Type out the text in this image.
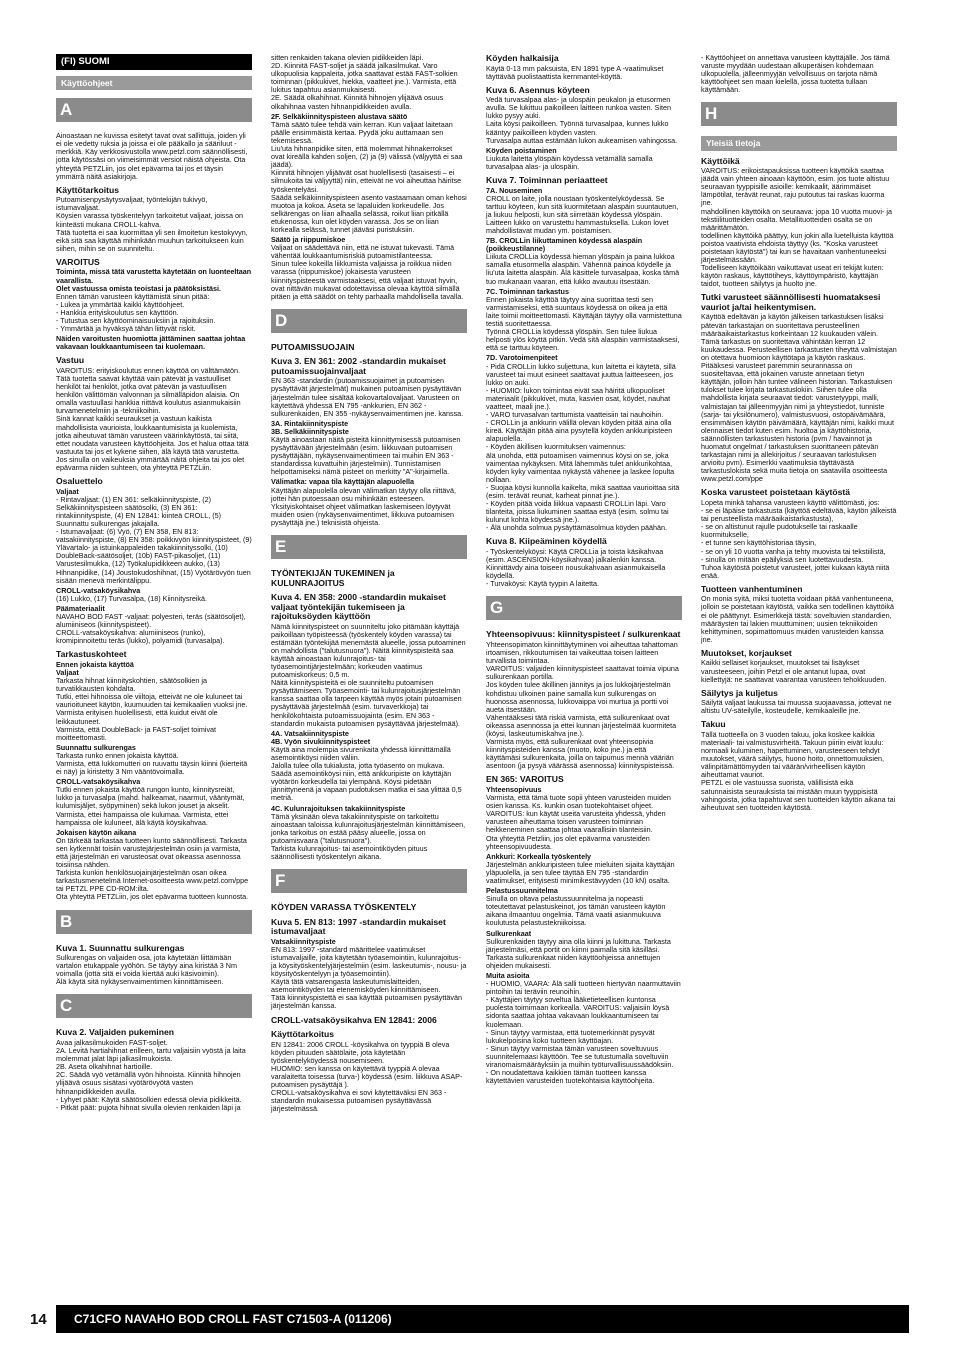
(FI) SUOMI
Käyttöohjeet
A

Ainoastaan ne kuvissa esitetyt tavat ovat sallittuja, joiden yli ei ole vedetty ruksia ja joissa ei ole pääkallo ja sääriluut -merkkiä. Käy verkkosivustolla www.petzl.com säännöllisesti, jotta käytössäsi on viimeisimmät versiot näistä ohjeista. Ota yhteyttä PETZLiin, jos olet epävarma tai jos et täysin ymmärrä näitä asiakirjoja.

Käyttötarkoitus

Putoamisenpysäytysvaljaat, työntekijän tukivyö, istumavaljaat.
Köysien varassa työskentelyyn tarkoitetut valjaat, joissa on kiinteästi mukana CROLL-kahva.
Tätä tuotetta ei saa kuormittaa yli sen ilmoitetun kestokyvyn, eikä sitä saa käyttää mihinkään muuhun tarkoitukseen kuin siihen, mihin se on suunniteltu.

VAROITUS

Toiminta, missä tätä varustetta käytetään on luonteeltaan vaarallista.
Olet vastuussa omista teoistasi ja päätöksistäsi.

Ennen tämän varusteen käyttämistä sinun pitää:
- Lukea ja ymmärtää kaikki käyttöohjeet.
- Hankkia erityiskoulutus sen käyttöön.
- Tutustua sen käyttöominaisuuksiin ja rajoituksiin.
- Ymmärtää ja hyväksyä tähän liittyvät riskit.

Näiden varoitusten huomiotta jättäminen saattaa johtaa vakavaan loukkaantumiseen tai kuolemaan.

Vastuu

VAROITUS: erityiskoulutus ennen käyttöä on välttämätön. Tätä tuotetta saavat käyttää vain pätevät ja vastuulliset henkilöt tai henkilöt, jotka ovat pätevän ja vastuullisen henkilön välittömän valvonnan ja silmälläpidon alaisia. On omalla vastuullasi hankkia riittävä koulutus asianmukaisiin turvamenetelmiin ja -tekniikoihin.
Sinä kannat kaikki seuraukset ja vastuun kaikista mahdollisista vaurioista, loukkaantumisista ja kuolemista, jotka aiheutuvat tämän varusteen väärinkäytöstä, tai siitä, ettet noudata varusteen käyttöohjeita. Jos et halua ottaa tätä vastuuta tai jos et kykene siihen, älä käytä tätä varustetta. Jos sinulla on vaikeuksia ymmärtää näitä ohjeita tai jos olet epävarma niiden suhteen, ota yhteyttä PETZLiin.

Osaluettelo

Valjaat

- Rintavaljaat: (1) EN 361: selkäkiinnityspiste, (2) Selkäkiinnityspisteen säätösolki, (3) EN 361: rintakiinnityspiste, (4) EN 12841: kiinteä CROLL, (5) Suunnattu sulkurengas jakajalla.
- Istumavaljaat: (6) Vyö, (7) EN 358, EN 813: vatsakiinnityspiste, (8) EN 358: poikkivyön kiinnityspisteet, (9) Ylävartalo- ja istuinkappaleiden takakiinnityssolki, (10) DoubleBack-säätösoljet, (10b) FAST-pikasoljet, (11) Varustesilmukka, (12) Työkalupidikkeen aukko, (13) Hihnanpidike, (14) Joustokudoshihnat, (15) Vyötärövyön tuen sisään menevä merkintälippu.

CROLL-vatsaköysikahva

(16) Lukko, (17) Turvasalpa, (18) Kiinnitysreikä.

Päämateriaalit

NAVAHO BOD FAST -valjaat: polyesteri, teräs (säätösoljet), alumiiniseos (kiinnityspisteet).
CROLL-vatsaköysikahva: alumiiniseos (runko), kromipinnoitettu teräs (lukko), polyamidi (turvasalpa).

Tarkastuskohteet

Ennen jokaista käyttöä

Valjaat

Tarkasta hihnat kiinnityskohtien, säätösolkien ja turvatikkausten kohdalta.
Tutki, ettei hihnoissa ole viiltoja, etteivät ne ole kuluneet tai vaurioituneet käytön, kuumuuden tai kemikaalien vuoksi jne. Varmista erityisen huolellisesti, että kuidut eivät ole leikkautuneet.
Varmista, että DoubleBack- ja FAST-soljet toimivat moitteettomasti.

Suunnattu sulkurengas

Tarkasta runko ennen jokaista käyttöä.
Varmista, että lukkomutteri on ruuvattu täysin kiinni (kierteitä ei näy) ja kiristetty 3 Nm vääntövoimalla.

CROLL-vatsaköysikahva

Tutki ennen jokaista käyttöä rungon kunto, kiinnitysreiät, lukko ja turvasalpa (mahd. halkeamat, naarmut, vääntymät, kulumisjäljet, syöpyminen) sekä lukon jouset ja akselit. Varmista, ettei hampaissa ole kulumaa. Varmista, ettei hampaissa ole kuluneet, älä käytä köysikahvaa.

Jokaisen käytön aikana

On tärkeää tarkastaa tuotteen kunto säännöllisesti. Tarkasta sen kytkennät toisiin varustejärjestelmän osiin ja varmista, että järjestelmän eri varusteosat ovat oikeassa asennossa toisiinsa nähden.
Tarkista kunkin henkilösuojainjärjestelmän osan oikea tarkastusmenetelmä Internet-osoitteesta www.petzl.com/ppe tai PETZL PPE CD-ROM:ilta.
Ota yhteyttä PETZLiin, jos olet epävarma tuotteen kunnosta.

B
Kuva 1. Suunnattu sulkurengas

Sulkurengas on valjaiden osa, jota käytetään liittämään vartalon etukappale yyöhön. Se täytyy aina kiristää 3 Nm voimalla (jotta sitä ei voida kiertää auki käsivoimin).
Älä käytä sitä nykäysenvaimentimen kiinnittämiseen.

C
Kuva 2. Valjaiden pukeminen

Avaa jalkasilmukoiden FAST-soljet.
2A. Levitä hartiahihnat erilleen, tartu valjaisiin vyöstä ja laita molemmat jalat läpi jalkasilmukoista.
2B. Aseta olkahihnat hartioille.
2C. Säädä vyö vetämällä vyön hihnoista. Kiinnitä hihnojen ylijäävä osuus sisätasi vyötärövyötä vasten hihnanpidikkeiden avulla.
- Lyhyet päät: Käytä säätösolkien edessä olevia pidikkeitä.
- Pitkät päät: pujota hihnat sivulla olevien renkaiden läpi ja

sitten renkaiden takana olevien pidikkeiden läpi.
2D. Kiinnitä FAST-soljet ja säädä jalkasilmukat. Varo ulkopuolisia kappaleita, jotka saattavat estää FAST-solkien toiminnan (pikkukivet, hiekka, vaatteet jne.). Varmista, että lukitus tapahtuu asianmukaisesti.
2E. Säädä olkahihnat. Kiinnitä hihnojen ylijäävä osuus olkahihnaa vasten hihnanpidikkeiden avulla.

2F. Selkäkiinnityspisteen alustava säätö

Tämä säätö tulee tehdä vain kerran. Kun valjaat laitetaan päälle ensimmäistä kertaa. Pyydä joku auttamaan sen tekemisessä.
Liu'uta hihnanpidike siten, että molemmat hihnakerrokset ovat kireällä kahden soljen, (2) ja (9) välissä (väljyyttä ei saa jäädä).
Kiinnitä hihnojen ylijäävät osat huolellisesti (tasaisesti – ei silmukoita tai väljyyttä) niin, etteivät ne voi aiheuttaa häiritse työskentelyäsi.
Säädä selkäkiinnityspisteen asento vastaamaan oman kehosi muotoa ja kokoa. Aseta se lapaluiden korkeudelle. Jos selkärengas on liian alhaalla selässä, roikut liian pitkällä etukenossa, kun olet köyden varassa. Jos se on liian korkealla selässä, tunnet jääväsi puristuksiin.

Säätö ja riippumiskoe

Valjaat on säädettävä niin, että ne istuvat tukevasti. Tämä vähentää loukkaantumisriskiä putoamistilanteessa.
Sinun tulee kokeilla liikkumista valjaissa ja roikkua niiden varassa (riippumiskoe) jokaisesta varusteen kiinnityspisteestä varmistaaksesi, että valjaat istuvat hyvin, ovat riittävän mukavat odotettavissa olevaa käyttöä silmällä pitäen ja että säädöt on tehty parhaalla mahdollisella tavalla.

D
PUTOAMISSUOJAIN
Kuva 3. EN 361: 2002 -standardin mukaiset putoamissuojainvaljaat

EN 363 -standardin (putoamissuojaimet ja putoamisen pysäyttävät järjestelmät) mukainen putoamisen pysäyttävän järjestelmän tulee sisältää kokovartalovaljaat. Varusteen on käytettävä yhdessä EN 795 -ankkurien, EN 362 -sulkurenkaiden, EN 355 -nykäysenvaimentimen jne. kanssa.

3A. Rintakiinnityspiste

3B. Selkäkiinnityspiste

Käytä ainoastaan näitä pisteitä kiinnittymisessä putoamisen pysäyttävään järjestelmään (esim. liikkuvaan putoamisen pysäyttäjään, nykäysenvaimentimeen tai muihin EN 363 -standardissa kuvattuihin järjestelmiin). Tunnistamisen helpottamiseksi nämä pisteet on merkitty "A"-kirjaimella.

Välimatka: vapaa tila käyttäjän alapuolella

Käyttäjän alapuolella olevan välimatkan täytyy olla riittävä, jottei hän putoessaan osu mihinkään esteeseen. Yksityiskohtaiset ohjeet välimatkan laskemiseen löytyvät muiden osien (nykäysenvaimentimet, liikkuva putoamisen pysäyttäjä jne.) teknisistä ohjeista.

E
TYÖNTEKIJÄN TUKEMINEN ja KULUNRAJOITUS
Kuva 4. EN 358: 2000 -standardin mukaiset valjaat työntekijän tukemiseen ja rajoituksöyden käyttöön

Nämä kiinnityspisteet on suunniteltu joko pitämään käyttäjä paikoillaan työpisteessä (työskentely köyden varassa) tai estämään työntekijää menemästä alueelle, jossa putoaminen on mahdollista ("talutusnuora"). Näitä kiinnityspisteitä saa käyttää ainoastaan kulunrajoitus- tai työasemointijärjestelmään; korkeuden vaatimus putoamiskorkeus: 0,5 m.
Näitä kiinnityspisteitä ei ole suunniteltu putoamisen pysäyttämiseen. Työasemointi- tai kulunrajoitusjärjestelmän kanssa saattaa olla tarpeen käyttää myös jotain putoamisen pysäyttävää järjestelmää (esim. turvaverkkoja) tai henkilökohtaista putoamissuojainta (esim. EN 363 -standardin mukaista putoamisen pysäyttävää järjestelmää).

4A. Vatsakiinnityspiste

4B. Vyön sivukiinnityspisteet

Käytä aina molempia sivurenkaita yhdessä kiinnittämällä asemointiköysi niiden väliin.
Jalolla tulee olla tukialusta, jotta työasento on mukava. Säädä asemointiköysi niin, että ankkuripiste on käyttäjän vyötärön korkeudella tai ylempänä. Köysi pidetään jännittyneenä ja vapaan pudotuksen matka ei saa ylittää 0,5 metriä.

4C. Kulunrajoituksen takakiinnityspiste

Tämä yksinään oleva takakiinnityspiste on tarkoitettu ainoastaan taloissa kulunrajoitusjärjestelmän kiinnittämiseen, jonka tarkoitus on estää pääsy alueelle, jossa on putoamisvaara ("talutusnuora").
Tarkista kulunrajoitus- tai asemointiköyden pituus säännöllisesti työskentelyn aikana.

F
KÖYDEN VARASSA TYÖSKENTELY
Kuva 5. EN 813: 1997 -standardin mukaiset istumavaljaat

Vatsakiinnityspiste

EN 813: 1997 -standard määrittelee vaatimukset istumavaljaille, joita käytetään työasemointiin, kulunrajoitus- ja köysityöskentelyjärjestelmiin (esim. laskeutumis-, nousu- ja köysityöskentelyyn ja työasemointiin).
Käytä tätä vatsarengasta laskeutumislaitteiden, asemointiköyden tai etenemisköyden kiinnittämiseen.
Tätä kiinnityspistettä ei saa käyttää putoamisen pysäyttävän järjestelmän kanssa.

CROLL-vatsaköysikahva EN 12841: 2006
Käyttötarkoitus

EN 12841: 2006 CROLL -köysikahva on tyyppiä B oleva köyden pituuden säätölaite, jota käytetään työskentelyköydessä nousemiseen.
HUOMIO: sen kanssa on käytettävä tyyppiä A olevaa varalaitetta toisessa (turva-) köydessä (esim. liikkuva ASAP-putoamisen pysäyttäjä ).
CROLL-vatsaköysikahva ei sovi käytettäväksi EN 363 -standardin mukaisessa putoamisen pysäyttävässä järjestelmässä.

Köyden halkaisija

Käytä 0-13 mm paksuista, EN 1891 type A -vaatimukset täyttävää puolistaattista kernmantel-köyttä.

Kuva 6. Asennus köyteen

Vedä turvasalpaa alas- ja ulospäin peukalon ja etusormen avulla. Se lukittuu paikoilleen laitteen runkoa vasten. Siten lukko pysyy auki.
Laita köysi paikoilleen. Työnnä turvasalpaa, kunnes lukko kääntyy paikoilleen köyden vasten.
Turvasalpa auttaa estämään lukon aukeamisen vahingossa.

Köyden poistaminen

Liukuta laitetta ylöspäin köydessä vetämällä samalla turvasalpaa alas- ja ulospäin.

Kuva 7. Toiminnan periaatteet

7A. Nouseminen

CROLL on laite, jolla noustaan työskentelyköydessä. Se tarttuu köyteen, kun sitä kuormitetaan alaspäin suuntautuen, ja liukuu helposti, kun sitä siirretään köydessä ylöspäin. Laitteen lukko on varustettu hammastuksella. Lukon lovet mahdollistavat mudan ym. poistamisen.

7B. CROLLin liikuttaminen köydessä alaspäin (poikkeustilanne)

Liikuta CROLLia köydessä hieman ylöspäin ja paina lukkoa samalla etusormella alaspäin. Vähennä painoa köydelle ja liu'uta laitetta alaspäin. Älä käsittele turvasalpaa, koska tämä tuo mukanaan vaaran, että lukko avautuu itsestään.

7C. Toiminnan tarkastus

Ennen jokaista käyttöä täytyy aina suorittaa testi sen varmistamiseksi, että suuntaus köydessä on oikea ja että laite toimii moitteettomasti. Käyttäjän täytyy olla varmistettuna testiä suoritettaessa.
Työnnä CROLLia köydessä ylöspäin. Sen tulee liukua helposti ylös köyttä pitkin. Vedä sitä alaspäin varmistaaksesi, että se tarttuu köyteen.

7D. Varotoimenpiteet

- Pidä CROLLin lukko suljettuna, kun laitetta ei käytetä, sillä varusteet tai muut esineet saattavat juuttua laitteeseen, jos lukko on auki.
- HUOMIO: lukon toimintaa eivät saa häiritä ulkopuoliset materiaalit (pikkukivet, muta, kasvien osat, köydet, nauhat vaatteet, maali jne.).
- VARO turvasalvan tarttumista vaatteisiin tai nauhoihin.
- CROLLin ja ankkurin välillä olevan köyden pitää aina olla kireä. Käyttäjän pitää aina pysytellä köyden ankkuripisteen alapuolella.
- Köyden äkillisen kuormituksen vaimennus:
älä unohda, että putoamisen vaimennus köysi on se, joka vaimentaa nykäyksen. Mitä lähemmäs tulet ankkurikohtaa, köyden kyky vaimentaa nykäystä vähenee ja laskee lopulta nollaan.
- Suojaa köysi kunnolla kaikelta, mikä saattaa vaurioittaa sitä (esim. terävät reunat, karheat pinnat jne.).
- Köyden pitää voida liikkua vapaasti CROLLin läpi. Varo tilanteita, joissa liukuminen saattaa estyä (esim. solmu tai kulunut kohta köydessä jne.).
- Älä unohda solmua pysäyttämäsolmua köyden päähän.

Kuva 8. Kiipeäminen köydellä

- Työskentelyköysi: Käytä CROLLia ja toista käsikahvaa (esim. ASCENSION-köysikahvaa) jalkalenkin kanssa. Kiinnittävdy aina toiseen nousukahvaan asianmukaisella köydellä.
- Turvaköysi: Käytä tyypin A laitetta.

G
Yhteensopivuus: kiinnityspisteet / sulkurenkaat

Yhteensopimaton kiinnittäytyminen voi aiheuttaa tahattoman irtoamisen, rikkoutumisen tai vaikeuttaa toisen laitteen turvallista toimintaa.
VAROITUS: valjaiden kiinnityspisteet saattavat toimia vipuna sulkurenkaan portilla.
Jos köyden tulee äkillinen jännitys ja jos lukkojärjestelmän kohdistuu ulkoinen paine samalla kun sulkurengas on huonossa asennossa, lukkovaippa voi murtua ja portti voi aueta itsestään.
Vähentääksesi tätä riskiä varmista, että sulkurenkaat ovat oikeassa asennossa ja ettei kunnan järjestelmää kuormiteta (köysi, laskeutumiskahva jne.).
Varmista myös, että sulkurenkaat ovat yhteensopivia kiinnityspisteiden kanssa (muoto, koko jne.) ja että käyttämäsi sulkurenkaita, joilla on taipumus mennä vääriän asentoon (ja pysyä väärässä asennossa) kiinnityspisteissä.

EN 365: VAROITUS

Yhteensopivuus

Varmista, että tämä tuote sopii yhteen varusteiden muiden osien kanssa. Ks. kunkin osan tuotekohtaiset ohjeet.
VAROITUS: kun käytät useita varusteita yhdessä, yhden varusteen aiheuttama toisen varusteen toiminnan heikkeneminen saattaa johtaa vaarallisiin tilanteisiin.
Ota yhteyttä Petzliin, jos olet epävarma varusteiden yhteensopivuudesta.

Ankkuri: Korkealla työskentely

Järjestelmän ankkuripisteen tulee mieluiten sijaita käyttäjän yläpuolella, ja sen tulee täyttää EN 795 -standardin vaatimukset, erityisesti minimikestävyyden (10 kN) osalta.

Pelastussuunnitelma

Sinulla on oltava pelastussuunnitelma ja nopeasti toteutettavat pelastuskeinot, jos tämän varusteen käytön aikana ilmaantuu ongelmia. Tämä vaatii asianmukuuva koulutusta pelastustekniikoissa.

Sulkurenkaat

Sulkurenkaiden täytyy aina olla kiinni ja lukittuna. Tarkasta järjestelmäsi, että portit on kiinni paimalla sitä käsilläsi.
Tarkasta sulkurenkaat niiden käyttöohjeissa annettujen ohjeiden mukaisesti.

Muita asioita

- HUOMIO, VAARA: Älä salli tuotteen hiertyvän naarmuttaviin pintoihin tai teräviin reunoihin.
- Käyttäjien täytyy soveltua lääketieteellisen kuntonsa puolesta toimimaan korkealla. VAROITUS: valjaisiin löysä sidonta saattaa johtaa vakavaan loukkaantumiseen tai kuolemaan.
- Sinun täytyy varmistaa, että tuotemerkinnät pysyvät lukukelpoisina koko tuotteen käyttöajan.
- Sinun täytyy varmistaa tämän varusteen soveltuvuus suunnitelemaasi käyttöön. Tee se tutustumalla soveltuviin viranomaismääräyksiin ja muihin työturvallisuussäädöksiin.
- On noudatettava kaikkien tämän tuotteen kanssa käytettävien varusteiden tuotekohtaisia käyttöohjeita.

- Käyttöohjeet on annettava varusteen käyttäjälle. Jos tämä varuste myydään uudestaan alkuperäisen kohdemaan ulkopuolella, jälleenmyyjän velvollisuus on tarjota nämä käyttöohjeet sen maan kielellä, jossa tuotetta tullaan käyttämään.

H
Yleisiä tietoja
Käyttöikä

VAROITUS: erikoistapauksissa tuotteen käyttöikä saattaa jäädä vain yhteen ainoaan käyttöön, esim. jos tuote altistuu seuraavan tyyppisille asioille: kemikaalit, äärimmäiset lämpötilat, terävät reunat, raju putoutus tai raskas kuorma jne.
mahdollinen käyttöikä on seuraava: jopa 10 vuotta muovi- ja tekstiilituotteiden osalta. Metallituotteiden osalta se on määrittämätön.
todellinen käyttöikä päättyy, kun jokin alla luetelluista käyttöä poistoa vaativista ehdoista täyttyy (ks. "Koska varusteet poistetaan käytöstä") tai kun se havaitaan vanhentuneeksi järjestelmässään.
Todelliseen käyttöikään vaikuttavat useat eri tekijät kuten: käytön raskaus, käyttötiheys, käyttöympäristö, käyttäjän taidot, tuotteen säilytys ja huolto jne.

Tutki varusteet säännöllisesti huomataksesi vauriot ja/tai heikentymisen.

Käyttöä edeltävän ja käytön jälkeisen tarkastuksen lisäksi pätevän tarkastajan on suoritettava perusteellinen määräaikaistarkastus korkeintaan 12 kuukauden välein. Tämä tarkastus on suoritettava vähintään kerran 12 kuukaudessa. Perusteellisen tarkastusten tiheyttä valmistajan on otettava huomioon käyttötapa ja käytön raskaus. Pitääksesi varusteet paremmin seurannassa on suositeltavaa, että jokainen varuste annetaan tietyn käyttäjän, jolloin hän tuntee välineen historian. Tarkastuksen tulokset tulee kirjata tarkastuslokiin. Siihen tulee olla mahdollista kirjata seuraavat tiedot: varustetyyppi, malli, valmistajan tai jälleenmyyjän nimi ja yhteystiedot, tunniste (sarja- tai yksilönumero), valmistusvuosi, ostopäivämäärä, ensimmäisen käytön päivämäärä, käyttäjän nimi, kaikki muut olennaiset tiedot kuten esim. huoltoa ja käyttöhistoria, säännöllisten tarkastusten historia (pvm / havainnot ja huomatut ongelmat / tarkastuksen suorittaneen pätevän tarkastajan nimi ja allekirjoitus / seuraavan tarkistuksen arvioitu pvm). Esimerkki vaatimuksia täyttävästä tarkastuslokista sekä muita tietoja on saatavilla osoitteesta www.petzl.com/ppe

Koska varusteet poistetaan käytöstä

Lopeta minkä tahansa varusteen käyttö välittömästi, jos:
- se ei läpäise tarkastusta (käyttöä edeltävää, käytön jälkeistä tai perusteellista määräaikaistarkastusta),
- se on altistunut rajulle pudotukselle tai raskaalle kuormitukselle,
- et tunne sen käyttöhistoriaa täysin,
- se on yli 10 vuotta vanha ja tehty muovista tai tekstiilistä,
- sinulla on mitään epäilyksiä sen luotettavuudesta.
Tuhoa käytöstä poistetut varusteet, jottei kukaan käytä niitä enää.

Tuotteen vanhentuminen

On monia syitä, miksi tuotetta voidaan pitää vanhentuneena, jolloin se poistetaan käytöstä, vaikka sen todellinen käyttöikä ei ole päättynyt. Esimerkkejä tästä: soveltuvien standardien, määräysten tai lakien muuttuminen; uusien tekniikoiden kehittyminen, sopimattomuus muiden varusteiden kanssa jne.

Muutokset, korjaukset

Kaikki sellaiset korjaukset, muutokset tai lisäykset varusteeseen, joihin Petzl ei ole antanut lupaa, ovat kiellettyjä: ne saattavat vaarantaa varusteen tehokkuuden.

Säilytys ja kuljetus

Säilytä valjaat laukussa tai muussa suojaavassa, jottevat ne altistu UV-säteilylle, kosteudelle, kemikaaleille jne.

Takuu

Tällä tuotteella on 3 vuoden takuu, joka koskee kaikkia materiaali- tai valmistusvirheitä. Takuun piiriin eivät kuulu: normaali kuluminen, hapettuminen, varusteeseen tehdyt muutokset, väärä säilytys, huono hoito, onnettomuuksien, välinpitämättömyyden tai väärän/virheellisen käytön aiheuttamat vauriot.
PETZL ei ole vastuussa suorista, välillisistä eikä satunnaisista seurauksista tai mistään muun tyyppisistä vahingoista, jotka tapahtuvat sen tuotteiden käytön aikana tai aiheutuvat sen tuotteiden käytöstä.

14	C71CFO NAVAHO BOD CROLL FAST C71503-A (011206)
